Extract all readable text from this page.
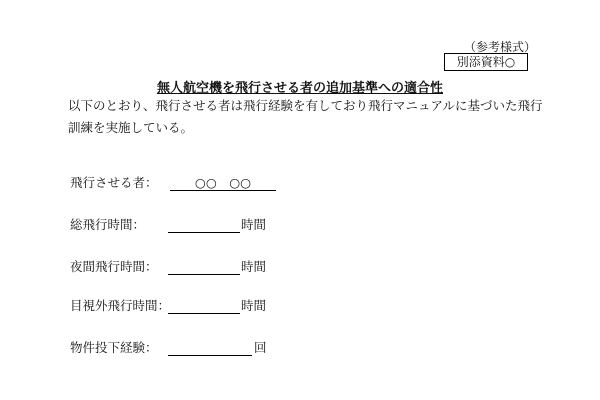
（参考様式）
別添資料○
無人航空機を飛行させる者の追加基準への適合性
以下のとおり、飛行させる者は飛行経験を有しており飛行マニュアルに基づいた飛行訓練を実施している。
飛行させる者：	○○　○○
総飛行時間：	時間
夜間飛行時間：	時間
目視外飛行時間：	時間
物件投下経験：	回
